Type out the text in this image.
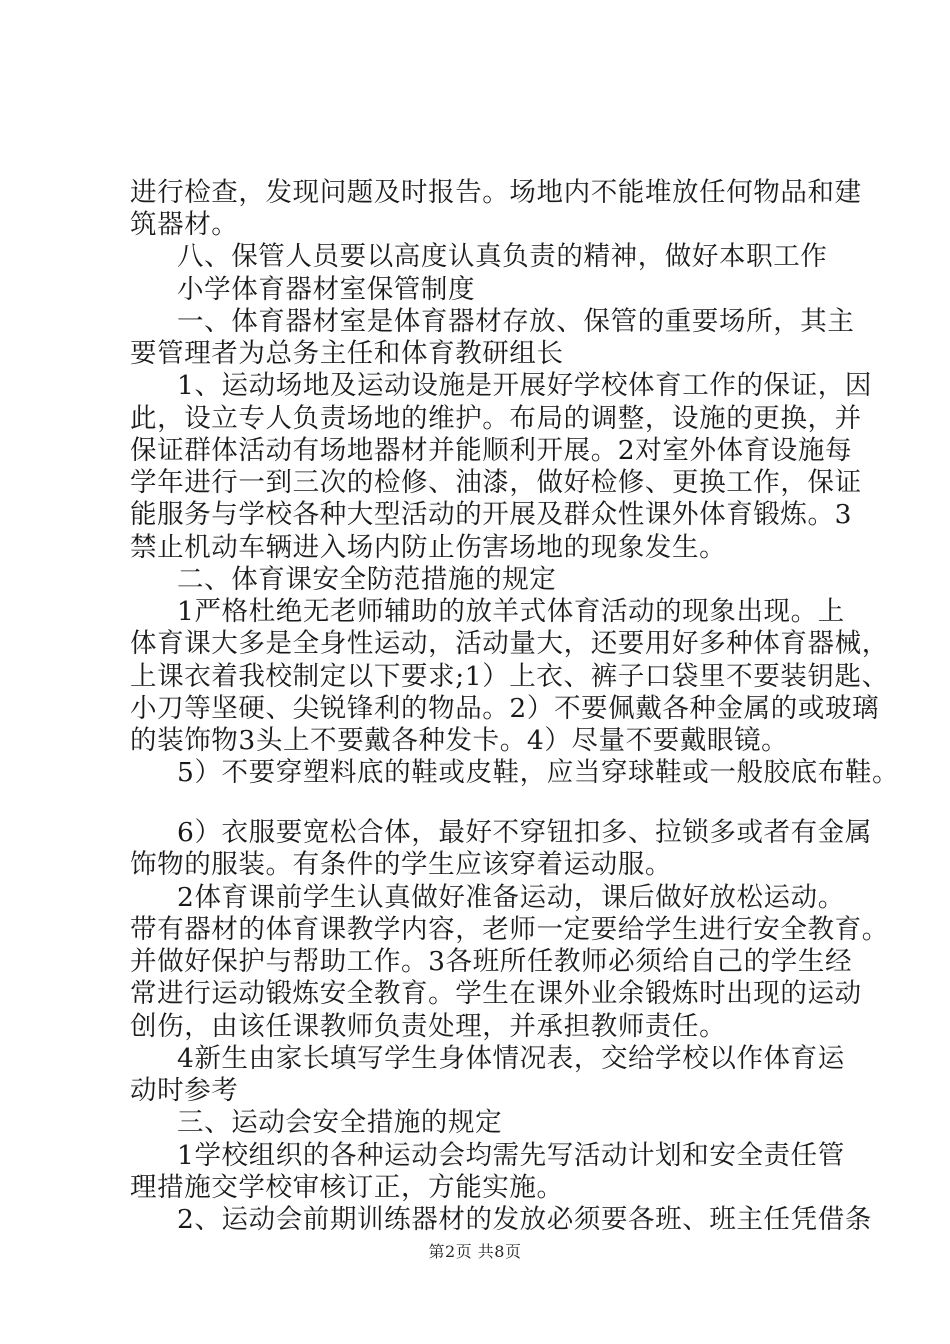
进行检查，发现问题及时报告。场地内不能堆放任何物品和建
筑器材。
八、保管人员要以高度认真负责的精神，做好本职工作
小学体育器材室保管制度
一、体育器材室是体育器材存放、保管的重要场所，其主
要管理者为总务主任和体育教研组长
1、运动场地及运动设施是开展好学校体育工作的保证，因
此，设立专人负责场地的维护。布局的调整，设施的更换，并
保证群体活动有场地器材并能顺利开展。2对室外体育设施每
学年进行一到三次的检修、油漆，做好检修、更换工作，保证
能服务与学校各种大型活动的开展及群众性课外体育锻炼。3
禁止机动车辆进入场内防止伤害场地的现象发生。
二、体育课安全防范措施的规定
1严格杜绝无老师辅助的放羊式体育活动的现象出现。上
体育课大多是全身性运动，活动量大，还要用好多种体育器械，
上课衣着我校制定以下要求;1）上衣、裤子口袋里不要装钥匙、
小刀等坚硬、尖锐锋利的物品。2）不要佩戴各种金属的或玻璃
的装饰物3头上不要戴各种发卡。4）尽量不要戴眼镜。
5）不要穿塑料底的鞋或皮鞋，应当穿球鞋或一般胶底布鞋。
6）衣服要宽松合体，最好不穿钮扣多、拉锁多或者有金属
饰物的服装。有条件的学生应该穿着运动服。
2体育课前学生认真做好准备运动，课后做好放松运动。
带有器材的体育课教学内容，老师一定要给学生进行安全教育。
并做好保护与帮助工作。3各班所任教师必须给自己的学生经
常进行运动锻炼安全教育。学生在课外业余锻炼时出现的运动
创伤，由该任课教师负责处理，并承担教师责任。
4新生由家长填写学生身体情况表，交给学校以作体育运
动时参考
三、运动会安全措施的规定
1学校组织的各种运动会均需先写活动计划和安全责任管
理措施交学校审核订正，方能实施。
2、运动会前期训练器材的发放必须要各班、班主任凭借条
第2页 共8页
